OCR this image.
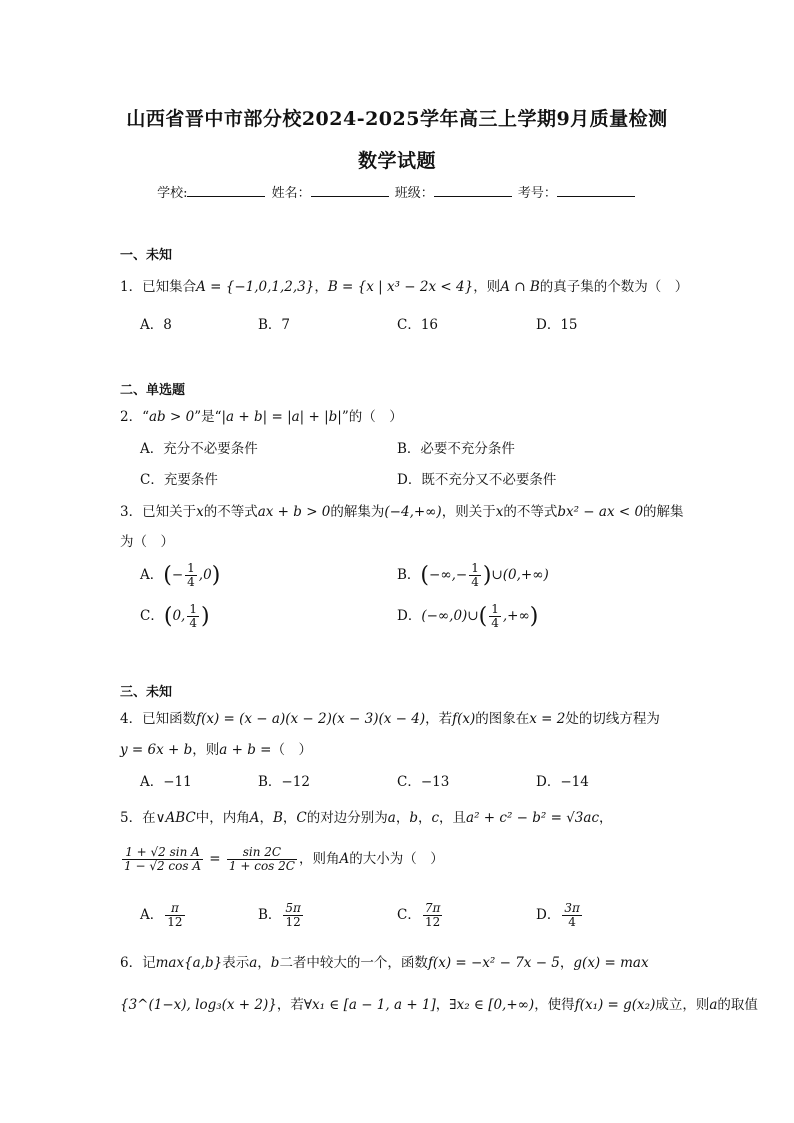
山西省晋中市部分校2024-2025学年高三上学期9月质量检测
数学试题
学校:	姓名：	班级：	考号：
一、未知
1．已知集合A = {−1,0,1,2,3}，B = {x | x³ − 2x < 4}，则A ∩ B的真子集的个数为（　）
A．8	B．7	C．16	D．15
二、单选题
2．“ab > 0”是“|a + b| = |a| + |b|”的（　）
A．充分不必要条件	B．必要不充分条件
C．充要条件	D．既不充分又不必要条件
3．已知关于x的不等式ax + b > 0的解集为(−4,+∞)，则关于x的不等式bx² − ax < 0的解集
为（　）
A．(− $\frac{1}{4} ,0$)	B．(−∞,− $\frac{1}{4}$ )∪(0,+∞)
C．(0, $\frac{1}{4}$ )	D．(−∞,0)∪( $\frac{1}{4}$ ,+∞)
三、未知
4．已知函数f(x) = (x − a)(x − 2)(x − 3)(x − 4)，若f(x)的图象在x = 2处的切线方程为
y = 6x + b，则a + b =（　）
A．−11	B．−12	C．−13	D．−14
5．在∨ABC中，内角A，B，C的对边分别为a，b，c，且a² + c² − b² = √3ac，
$\frac{\text{1 + √2 sin A}}{\text{1 − √2 cos A}} = \frac{\sin 2C}{1 + \cos 2C}$ ，则角A的大小为（　）
A． $\frac{\pi}{12}$	B． $\frac{5\pi}{12}$	C． $\frac{7\pi}{12}$	D． $\frac{3\pi}{4}$
6．记max{a,b}表示a，b二者中较大的一个，函数f(x) = −x² − 7x − 5，g(x) = max
{3^(1−x), log₃(x + 2)}，若∀x₁ ∈ [a − 1, a + 1]，∃x₂ ∈ [0,+∞)，使得f(x₁) = g(x₂)成立，则a的取值
